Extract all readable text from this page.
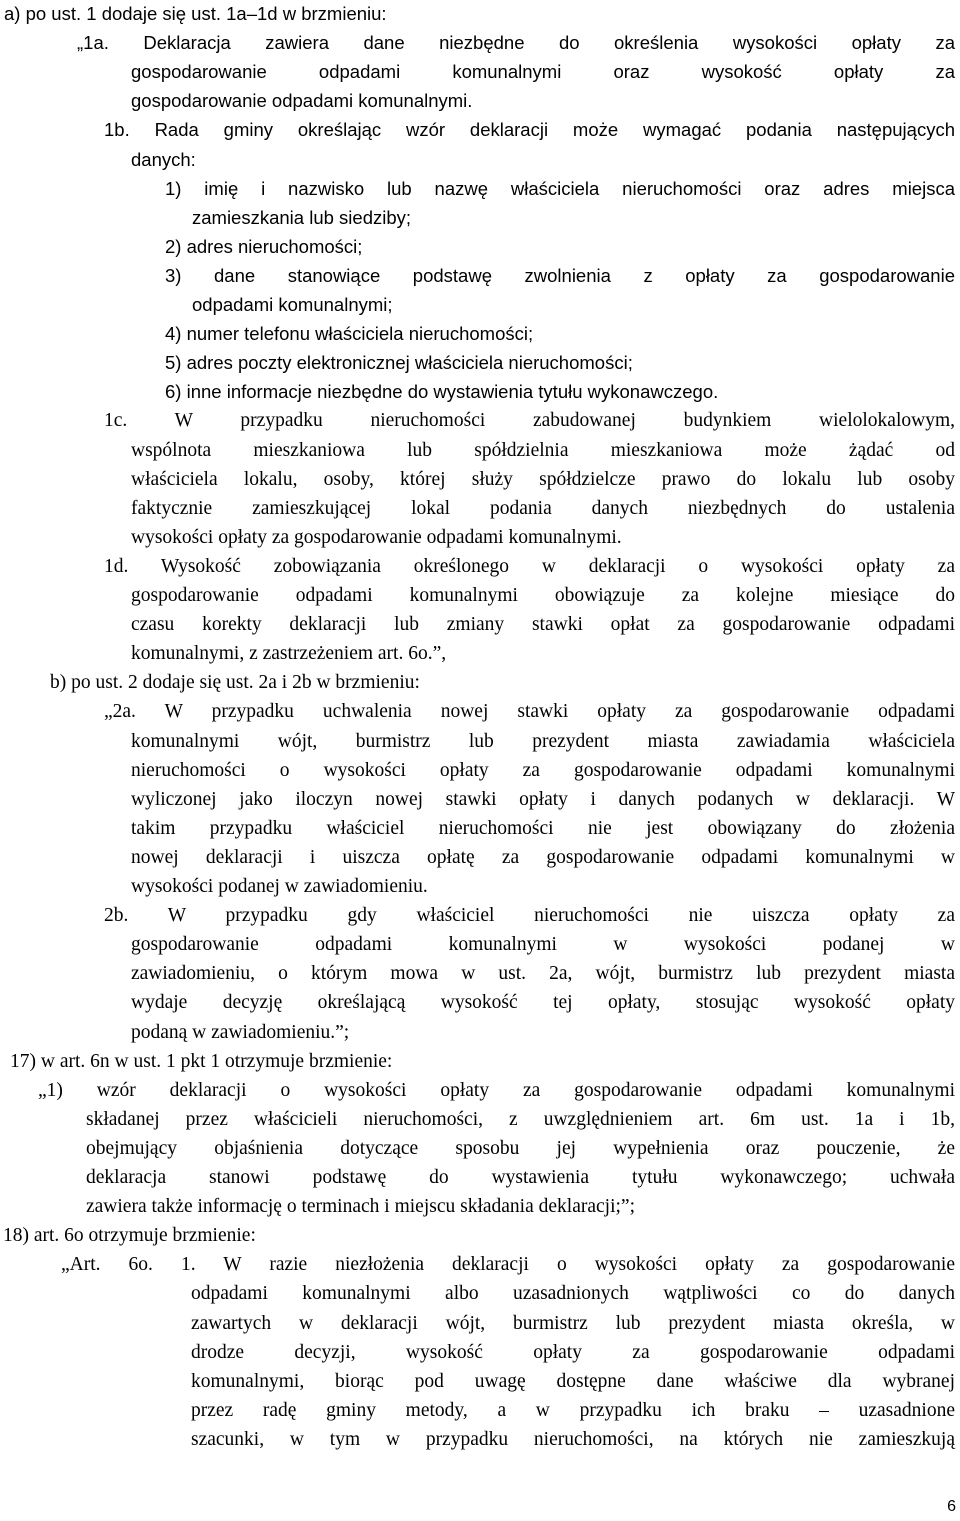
a) po ust. 1 dodaje się ust. 1a–1d w brzmieniu:
„1a. Deklaracja zawiera dane niezbędne do określenia wysokości opłaty za
gospodarowanie odpadami komunalnymi oraz wysokość opłaty za
gospodarowanie odpadami komunalnymi.
1b. Rada gminy określając wzór deklaracji może wymagać podania następujących
danych:
1) imię i nazwisko lub nazwę właściciela nieruchomości oraz adres miejsca
zamieszkania lub siedziby;
2) adres nieruchomości;
3) dane stanowiące podstawę zwolnienia z opłaty za gospodarowanie
odpadami komunalnymi;
4) numer telefonu właściciela nieruchomości;
5) adres poczty elektronicznej właściciela nieruchomości;
6) inne informacje niezbędne do wystawienia tytułu wykonawczego.
1c. W przypadku nieruchomości zabudowanej budynkiem wielolokalowym,
wspólnota mieszkaniowa lub spółdzielnia mieszkaniowa może żądać od
właściciela lokalu, osoby, której służy spółdzielcze prawo do lokalu lub osoby
faktycznie zamieszkującej lokal podania danych niezbędnych do ustalenia
wysokości opłaty za gospodarowanie odpadami komunalnymi.
1d. Wysokość zobowiązania określonego w deklaracji o wysokości opłaty za
gospodarowanie odpadami komunalnymi obowiązuje za kolejne miesiące do
czasu korekty deklaracji lub zmiany stawki opłat za gospodarowanie odpadami
komunalnymi, z zastrzeżeniem art. 6o.”,
b) po ust. 2 dodaje się ust. 2a i 2b w brzmieniu:
„2a. W przypadku uchwalenia nowej stawki opłaty za gospodarowanie odpadami
komunalnymi wójt, burmistrz lub prezydent miasta zawiadamia właściciela
nieruchomości o wysokości opłaty za gospodarowanie odpadami komunalnymi
wyliczonej jako iloczyn nowej stawki opłaty i danych podanych w deklaracji. W
takim przypadku właściciel nieruchomości nie jest obowiązany do złożenia
nowej deklaracji i uiszcza opłatę za gospodarowanie odpadami komunalnymi w
wysokości podanej w zawiadomieniu.
2b. W przypadku gdy właściciel nieruchomości nie uiszcza opłaty za
gospodarowanie odpadami komunalnymi w wysokości podanej w
zawiadomieniu, o którym mowa w ust. 2a, wójt, burmistrz lub prezydent miasta
wydaje decyzję określającą wysokość tej opłaty, stosując wysokość opłaty
podaną w zawiadomieniu.”;
17) w art. 6n w ust. 1 pkt 1 otrzymuje brzmienie:
„1) wzór deklaracji o wysokości opłaty za gospodarowanie odpadami komunalnymi
składanej przez właścicieli nieruchomości, z uwzględnieniem art. 6m ust. 1a i 1b,
obejmujący objaśnienia dotyczące sposobu jej wypełnienia oraz pouczenie, że
deklaracja stanowi podstawę do wystawienia tytułu wykonawczego; uchwała
zawiera także informację o terminach i miejscu składania deklaracji;”;
18) art. 6o otrzymuje brzmienie:
„Art. 6o. 1. W razie niezłożenia deklaracji o wysokości opłaty za gospodarowanie
odpadami komunalnymi albo uzasadnionych wątpliwości co do danych
zawartych w deklaracji wójt, burmistrz lub prezydent miasta określa, w
drodze decyzji, wysokość opłaty za gospodarowanie odpadami
komunalnymi, biorąc pod uwagę dostępne dane właściwe dla wybranej
przez radę gminy metody, a w przypadku ich braku – uzasadnione
szacunki, w tym w przypadku nieruchomości, na których nie zamieszkują
6
